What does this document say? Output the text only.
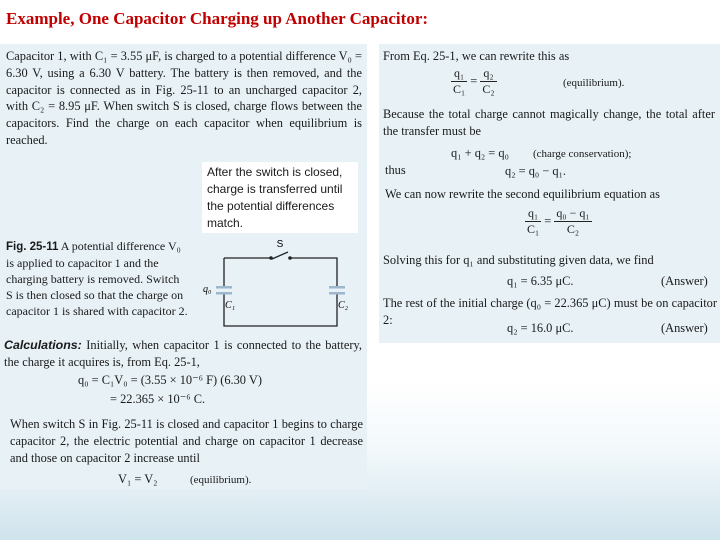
Example, One Capacitor Charging up Another Capacitor:
Capacitor 1, with C₁ = 3.55 μF, is charged to a potential difference V₀ = 6.30 V, using a 6.30 V battery. The battery is then removed, and the capacitor is connected as in Fig. 25-11 to an uncharged capacitor 2, with C₂ = 8.95 μF. When switch S is closed, charge flows between the capacitors. Find the charge on each capacitor when equilibrium is reached.
After the switch is closed, charge is transferred until the potential differences match.
Fig. 25-11 A potential difference V₀ is applied to capacitor 1 and the charging battery is removed. Switch S is then closed so that the charge on capacitor 1 is shared with capacitor 2.
S
q₀
C₁	C₂
Calculations: Initially, when capacitor 1 is connected to the battery, the charge it acquires is, from Eq. 25-1,
q₀ = C₁V₀ = (3.55 × 10⁻⁶ F) (6.30 V)
= 22.365 × 10⁻⁶ C.
When switch S in Fig. 25-11 is closed and capacitor 1 begins to charge capacitor 2, the electric potential and charge on capacitor 1 decrease and those on capacitor 2 increase until
V₁ = V₂	(equilibrium).
From Eq. 25-1, we can rewrite this as
$\frac{\text{q₁}}{\text{C₁}} = \frac{\text{q₂}}{\text{C₂}}$	(equilibrium).
Because the total charge cannot magically change, the total after the transfer must be
q₁ + q₂ = q₀ (charge conservation);
thus	q₂ = q₀ − q₁.
We can now rewrite the second equilibrium equation as
$\frac{\text{q₁}}{\text{C₁}} = \frac{\text{q₀ − q₁}}{\text{C₂}}$
Solving this for q₁ and substituting given data, we find
q₁ = 6.35 μC.	(Answer)
The rest of the initial charge (q₀ = 22.365 μC) must be on capacitor 2:
q₂ = 16.0 μC.	(Answer)
